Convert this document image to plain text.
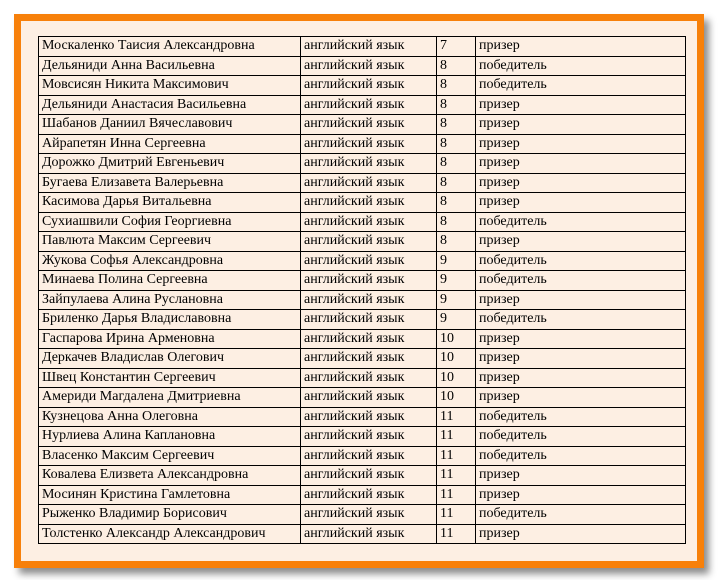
Москаленко Таисия Александровна	английский язык	7	призер
Дельяниди Анна Васильевна	английский язык	8	победитель
Мовсисян Никита Максимович	английский язык	8	победитель
Дельяниди Анастасия Васильевна	английский язык	8	призер
Шабанов Даниил Вячеславович	английский язык	8	призер
Айрапетян Инна Сергеевна	английский язык	8	призер
Дорожко Дмитрий Евгеньевич	английский язык	8	призер
Бугаева Елизавета Валерьевна	английский язык	8	призер
Касимова Дарья Витальевна	английский язык	8	призер
Сухиашвили София Георгиевна	английский язык	8	победитель
Павлюта Максим Сергеевич	английский язык	8	призер
Жукова Софья Александровна	английский язык	9	победитель
Минаева Полина Сергеевна	английский язык	9	победитель
Зайпулаева Алина Руслановна	английский язык	9	призер
Бриленко Дарья Владиславовна	английский язык	9	победитель
Гаспарова Ирина Арменовна	английский язык	10	призер
Деркачев Владислав Олегович	английский язык	10	призер
Швец Константин Сергеевич	английский язык	10	призер
Америди Магдалена Дмитриевна	английский язык	10	призер
Кузнецова Анна Олеговна	английский язык	11	победитель
Нурлиева Алина Каплановна	английский язык	11	победитель
Власенко Максим Сергеевич	английский язык	11	победитель
Ковалева Елизвета Александровна	английский язык	11	призер
Мосинян Кристина Гамлетовна	английский язык	11	призер
Рыженко Владимир Борисович	английский язык	11	победитель
Толстенко Александр Александрович	английский язык	11	призер
